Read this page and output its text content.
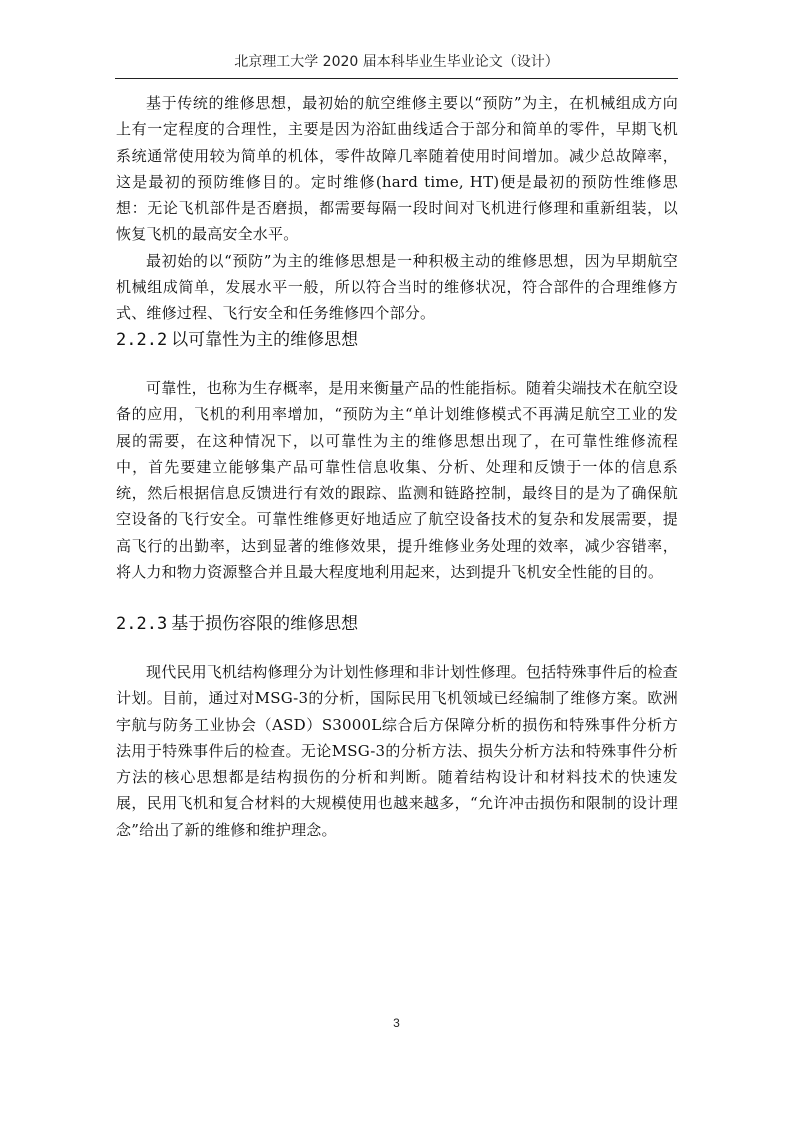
北京理工大学 2020 届本科毕业生毕业论文（设计）

基于传统的维修思想，最初始的航空维修主要以“预防”为主，在机械组成方向上有一定程度的合理性，主要是因为浴缸曲线适合于部分和简单的零件，早期飞机系统通常使用较为简单的机体，零件故障几率随着使用时间增加。减少总故障率，这是最初的预防维修目的。定时维修(hard time, HT)便是最初的预防性维修思想：无论飞机部件是否磨损，都需要每隔一段时间对飞机进行修理和重新组装，以恢复飞机的最高安全水平。

最初始的以“预防”为主的维修思想是一种积极主动的维修思想，因为早期航空机械组成简单，发展水平一般，所以符合当时的维修状况，符合部件的合理维修方式、维修过程、飞行安全和任务维修四个部分。

2.2.2 以可靠性为主的维修思想

可靠性，也称为生存概率，是用来衡量产品的性能指标。随着尖端技术在航空设备的应用，飞机的利用率增加，“预防为主“单计划维修模式不再满足航空工业的发展的需要，在这种情况下，以可靠性为主的维修思想出现了，在可靠性维修流程中，首先要建立能够集产品可靠性信息收集、分析、处理和反馈于一体的信息系统，然后根据信息反馈进行有效的跟踪、监测和链路控制，最终目的是为了确保航空设备的飞行安全。可靠性维修更好地适应了航空设备技术的复杂和发展需要，提高飞行的出勤率，达到显著的维修效果，提升维修业务处理的效率，减少容错率，将人力和物力资源整合并且最大程度地利用起来，达到提升飞机安全性能的目的。

2.2.3 基于损伤容限的维修思想

现代民用飞机结构修理分为计划性修理和非计划性修理。包括特殊事件后的检查计划。目前，通过对MSG-3的分析，国际民用飞机领域已经编制了维修方案。欧洲宇航与防务工业协会（ASD）S3000L综合后方保障分析的损伤和特殊事件分析方法用于特殊事件后的检查。无论MSG-3的分析方法、损失分析方法和特殊事件分析方法的核心思想都是结构损伤的分析和判断。随着结构设计和材料技术的快速发展，民用飞机和复合材料的大规模使用也越来越多，“允许冲击损伤和限制的设计理念”给出了新的维修和维护理念。

3
